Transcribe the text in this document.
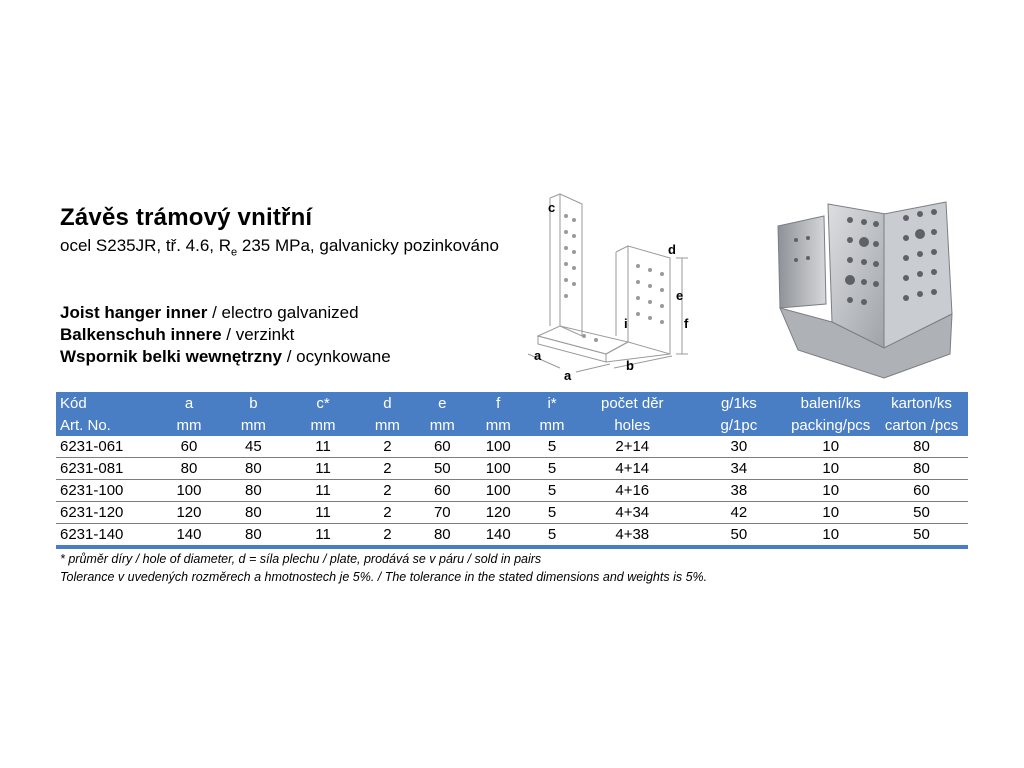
Závěs trámový vnitřní
ocel S235JR, tř. 4.6, $R_e$ 235 MPa, galvanicky pozinkováno
Joist hanger inner / electro galvanized
Balkenschuh innere / verzinkt
Wspornik belki wewnętrzny / ocynkowane
c
d
e
f
i
a
a
b
Kód	a	b	c*	d	e	f	i*	počet děr	g/1ks	balení/ks	karton/ks
Art. No.	mm	mm	mm	mm	mm	mm	mm	holes	g/1pc	packing/pcs	carton /pcs
6231-061	60	45	11	2	60	100	5	2+14	30	10	80
6231-081	80	80	11	2	50	100	5	4+14	34	10	80
6231-100	100	80	11	2	60	100	5	4+16	38	10	60
6231-120	120	80	11	2	70	120	5	4+34	42	10	50
6231-140	140	80	11	2	80	140	5	4+38	50	10	50
* průměr díry / hole of diameter, d = síla plechu / plate, prodává se v páru / sold in pairs
Tolerance v uvedených rozměrech a hmotnostech je 5%. / The tolerance in the stated dimensions and weights is 5%.
